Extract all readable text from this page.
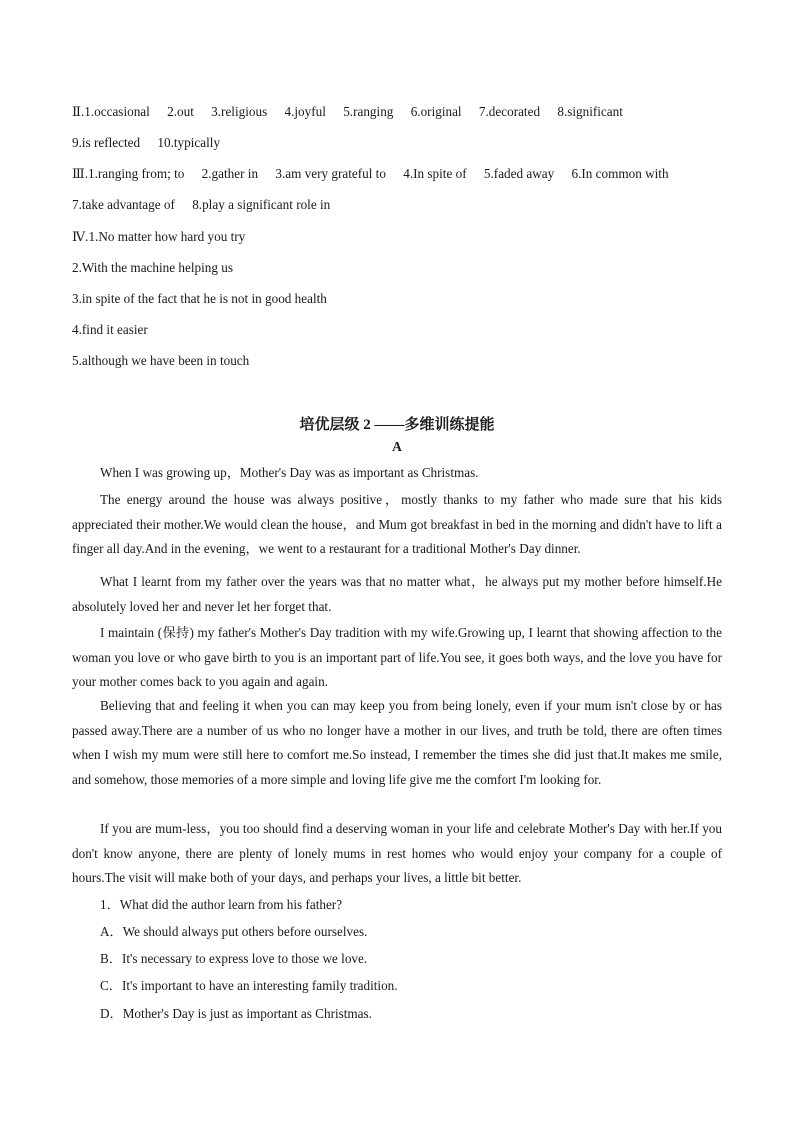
Ⅱ.1.occasional 2.out 3.religious 4.joyful 5.ranging 6.original 7.decorated 8.significant
9.is reflected 10.typically
Ⅲ.1.ranging from; to 2.gather in 3.am very grateful to 4.In spite of 5.faded away 6.In common with
7.take advantage of 8.play a significant role in
Ⅳ.1.No matter how hard you try
2.With the machine helping us
3.in spite of the fact that he is not in good health
4.find it easier
5.although we have been in touch
培优层级 2 ——多维训练提能
A

When I was growing up，Mother's Day was as important as Christmas.

The energy around the house was always positive，mostly thanks to my father who made sure that his kids appreciated their mother.We would clean the house，and Mum got breakfast in bed in the morning and didn't have to lift a finger all day.And in the evening，we went to a restaurant for a traditional Mother's Day dinner.

What I learnt from my father over the years was that no matter what，he always put my mother before himself.He absolutely loved her and never let her forget that.

I maintain (保持) my father's Mother's Day tradition with my wife.Growing up, I learnt that showing affection to the woman you love or who gave birth to you is an important part of life.You see, it goes both ways, and the love you have for your mother comes back to you again and again.

Believing that and feeling it when you can may keep you from being lonely, even if your mum isn't close by or has passed away.There are a number of us who no longer have a mother in our lives, and truth be told, there are often times when I wish my mum were still here to comfort me.So instead, I remember the times she did just that.It makes me smile, and somehow, those memories of a more simple and loving life give me the comfort I'm looking for.

If you are mum-less，you too should find a deserving woman in your life and celebrate Mother's Day with her.If you don't know anyone, there are plenty of lonely mums in rest homes who would enjoy your company for a couple of hours.The visit will make both of your days, and perhaps your lives, a little bit better.

1．What did the author learn from his father?
A．We should always put others before ourselves.
B．It's necessary to express love to those we love.
C．It's important to have an interesting family tradition.
D．Mother's Day is just as important as Christmas.
